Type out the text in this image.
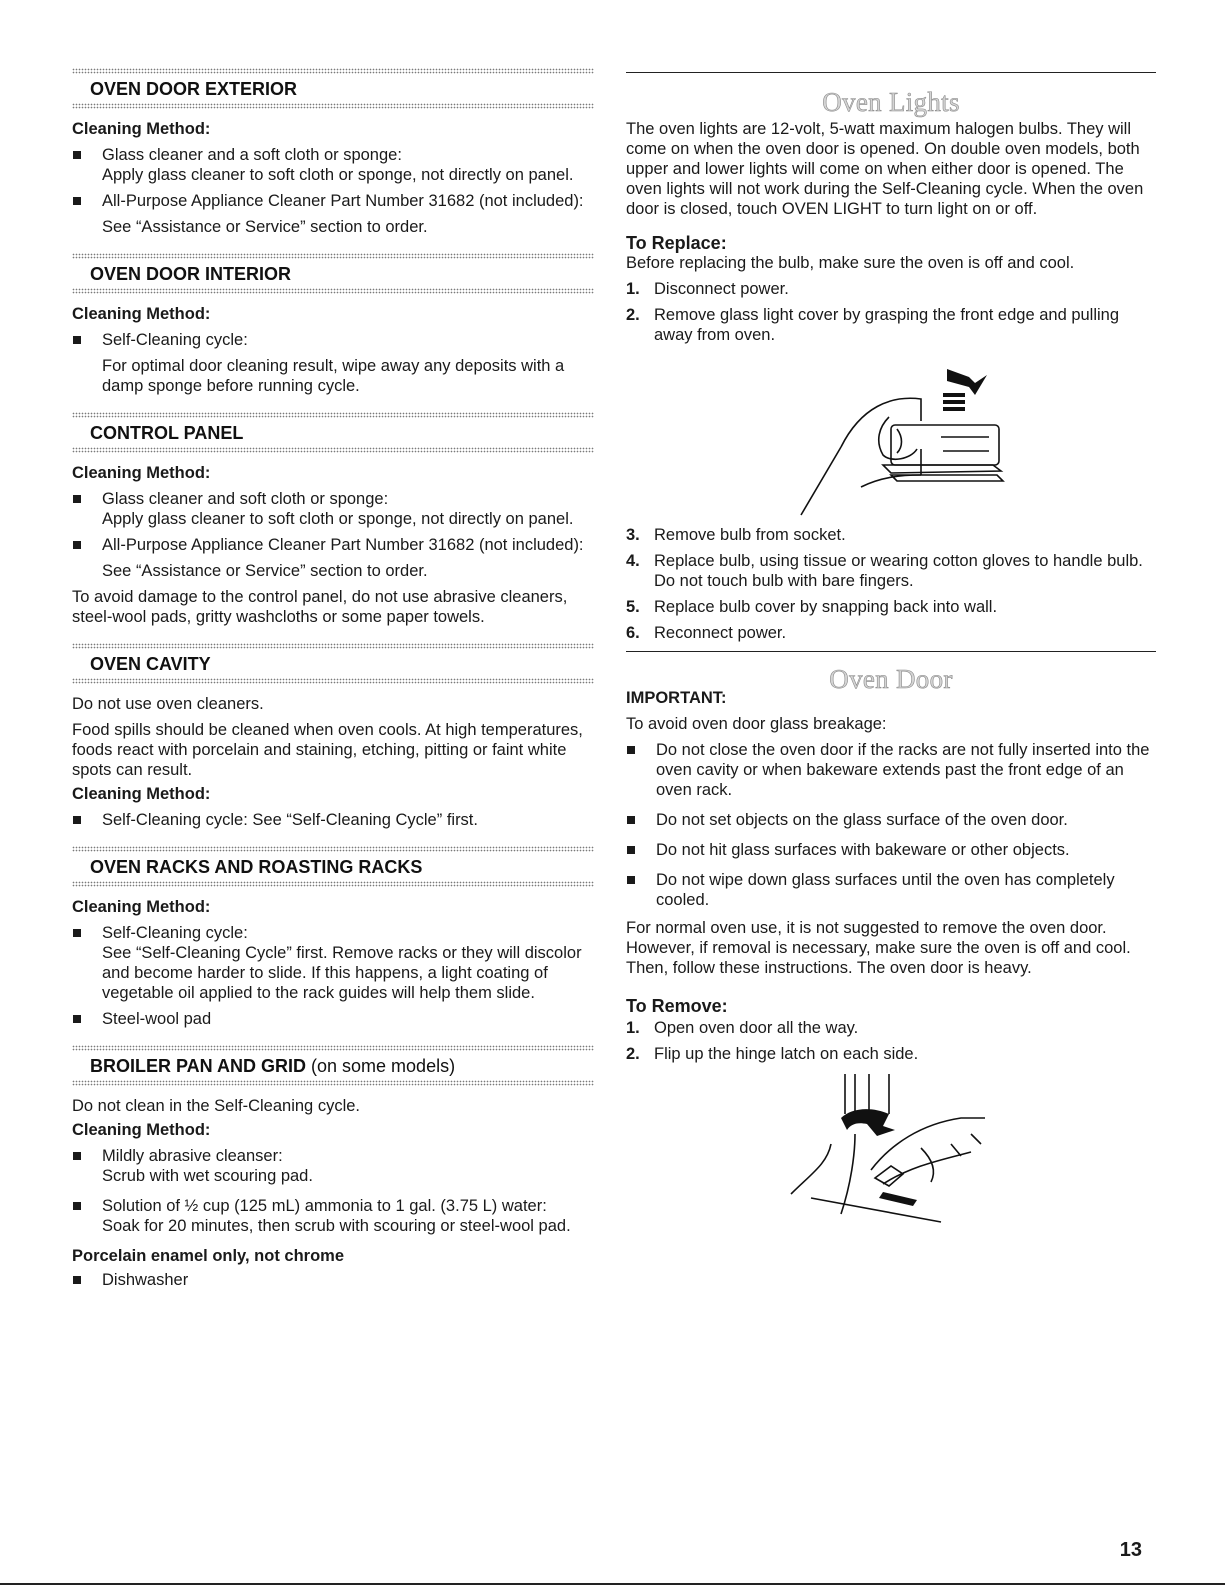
OVEN DOOR EXTERIOR
Cleaning Method:
Glass cleaner and a soft cloth or sponge:
Apply glass cleaner to soft cloth or sponge, not directly on panel.
All-Purpose Appliance Cleaner Part Number 31682 (not included):
See “Assistance or Service” section to order.
OVEN DOOR INTERIOR
Cleaning Method:
Self-Cleaning cycle:
For optimal door cleaning result, wipe away any deposits with a damp sponge before running cycle.
CONTROL PANEL
Cleaning Method:
Glass cleaner and soft cloth or sponge:
Apply glass cleaner to soft cloth or sponge, not directly on panel.
All-Purpose Appliance Cleaner Part Number 31682 (not included):
See “Assistance or Service” section to order.

To avoid damage to the control panel, do not use abrasive cleaners, steel-wool pads, gritty washcloths or some paper towels.

OVEN CAVITY

Do not use oven cleaners.

Food spills should be cleaned when oven cools. At high temperatures, foods react with porcelain and staining, etching, pitting or faint white spots can result.

Cleaning Method:
Self-Cleaning cycle: See “Self-Cleaning Cycle” first.
OVEN RACKS AND ROASTING RACKS
Cleaning Method:
Self-Cleaning cycle:
See “Self-Cleaning Cycle” first. Remove racks or they will discolor and become harder to slide. If this happens, a light coating of vegetable oil applied to the rack guides will help them slide.
Steel-wool pad
BROILER PAN AND GRID (on some models)

Do not clean in the Self-Cleaning cycle.

Cleaning Method:
Mildly abrasive cleanser:
Scrub with wet scouring pad.
Solution of ½ cup (125 mL) ammonia to 1 gal. (3.75 L) water:
Soak for 20 minutes, then scrub with scouring or steel-wool pad.
Porcelain enamel only, not chrome
Dishwasher
Oven Lights

The oven lights are 12-volt, 5-watt maximum halogen bulbs. They will come on when the oven door is opened. On double oven models, both upper and lower lights will come on when either door is opened. The oven lights will not work during the Self-Cleaning cycle. When the oven door is closed, touch OVEN LIGHT to turn light on or off.

To Replace:

Before replacing the bulb, make sure the oven is off and cool.

1. Disconnect power.
2. Remove glass light cover by grasping the front edge and pulling away from oven.
3. Remove bulb from socket.
4. Replace bulb, using tissue or wearing cotton gloves to handle bulb. Do not touch bulb with bare fingers.
5. Replace bulb cover by snapping back into wall.
6. Reconnect power.
Oven Door
IMPORTANT:

To avoid oven door glass breakage:

Do not close the oven door if the racks are not fully inserted into the oven cavity or when bakeware extends past the front edge of an oven rack.
Do not set objects on the glass surface of the oven door.
Do not hit glass surfaces with bakeware or other objects.
Do not wipe down glass surfaces until the oven has completely cooled.

For normal oven use, it is not suggested to remove the oven door. However, if removal is necessary, make sure the oven is off and cool. Then, follow these instructions. The oven door is heavy.

To Remove:
1. Open oven door all the way.
2. Flip up the hinge latch on each side.
13
